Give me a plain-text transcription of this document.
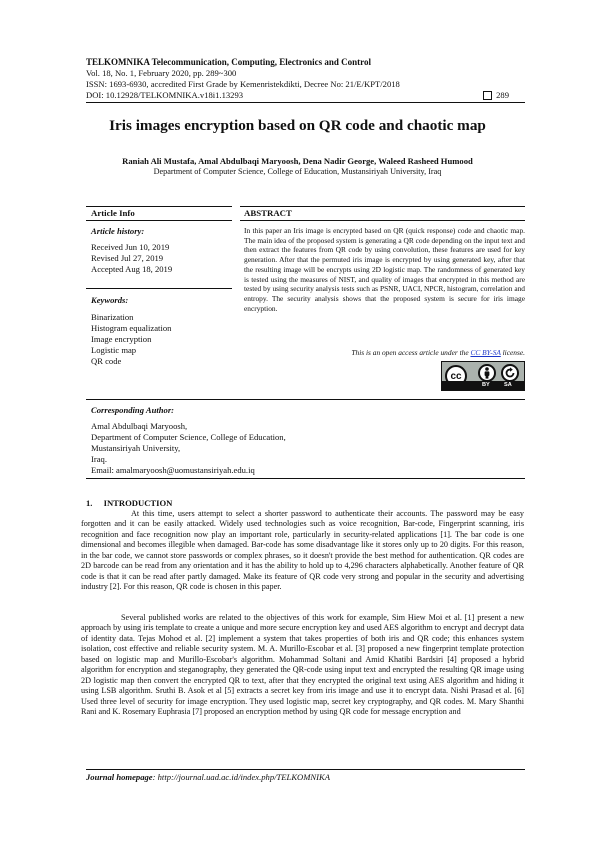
TELKOMNIKA Telecommunication, Computing, Electronics and Control
Vol. 18, No. 1, February 2020, pp. 289~300
ISSN: 1693-6930, accredited First Grade by Kemenristekdikti, Decree No: 21/E/KPT/2018
DOI: 10.12928/TELKOMNIKA.v18i1.13293	289
Iris images encryption based on QR code and chaotic map
Raniah Ali Mustafa, Amal Abdulbaqi Maryoosh, Dena Nadir George, Waleed Rasheed Humood
Department of Computer Science, College of Education, Mustansiriyah University, Iraq
Article Info	ABSTRACT
Article history:
Received Jun 10, 2019
Revised Jul 27, 2019
Accepted Aug 18, 2019
Keywords:
Binarization
Histogram equalization
Image encryption
Logistic map
QR code
In this paper an Iris image is encrypted based on QR (quick response) code and chaotic map. The main idea of the proposed system is generating a QR code depending on the input text and then extract the features from QR code by using convolution, these features are used for key generation. After that the permuted iris image is encrypted by using generated key, after that the resulting image will be encrypts using 2D logistic map. The randomness of generated key is tested using the measures of NIST, and quality of images that encrypted in this method are tested by using security analysis tests such as PSNR, UACI, NPCR, histogram, correlation and entropy. The security analysis shows that the proposed system is secure for iris image encryption.
This is an open access article under the CC BY-SA license.
cc
BY	SA
Corresponding Author:
Amal Abdulbaqi Maryoosh,
Department of Computer Science, College of Education,
Mustansiriyah University,
Iraq.
Email: amalmaryoosh@uomustansiriyah.edu.iq
1. INTRODUCTION
At this time, users attempt to select a shorter password to authenticate their accounts. The password may be easy forgotten and it can be easily attacked. Widely used technologies such as voice recognition, Bar-code, Fingerprint scanning, iris recognition and face recognition now play an important role, particularly in security-related applications [1]. The bar code is one dimensional and becomes illegible when damaged. Bar-code has some disadvantage like it stores only up to 20 digits. For this reason, in the bar code, we cannot store passwords or complex phrases, so it doesn't provide the best method for authentication. QR codes are 2D barcode can be read from any orientation and it has the ability to hold up to 4,296 characters alphabetically. Another feature of QR code is that it can be read after partly damaged. Make its feature of QR code very strong and popular in the security and advertising industry [2]. For this reason, QR code is chosen in this paper.
Several published works are related to the objectives of this work for example, Sim Hiew Moi et al. [1] present a new approach by using iris template to create a unique and more secure encryption key and used AES algorithm to encrypt and decrypt data of identity data. Tejas Mohod et al. [2] implement a system that takes properties of both iris and QR code; this enhances system isolation, cost effective and reliable security system. M. A. Murillo-Escobar et al. [3] proposed a new fingerprint template protection based on logistic map and Murillo-Escobar's algorithm. Mohammad Soltani and Amid Khatibi Bardsiri [4] proposed a hybrid algorithm for encryption and steganography, they generated the QR-code using input text and encrypted the resulting QR image using 2D logistic map then convert the encrypted QR to text, after that they encrypted the original text using AES algorithm and hiding it using LSB algorithm. Sruthi B. Asok et al [5] extracts a secret key from iris image and use it to encrypt data. Nishi Prasad et al. [6] Used three level of security for image encryption. They used logistic map, secret key cryptography, and QR codes. M. Mary Shanthi Rani and K. Rosemary Euphrasia [7] proposed an encryption method by using QR code for message encryption and
Journal homepage: http://journal.uad.ac.id/index.php/TELKOMNIKA
